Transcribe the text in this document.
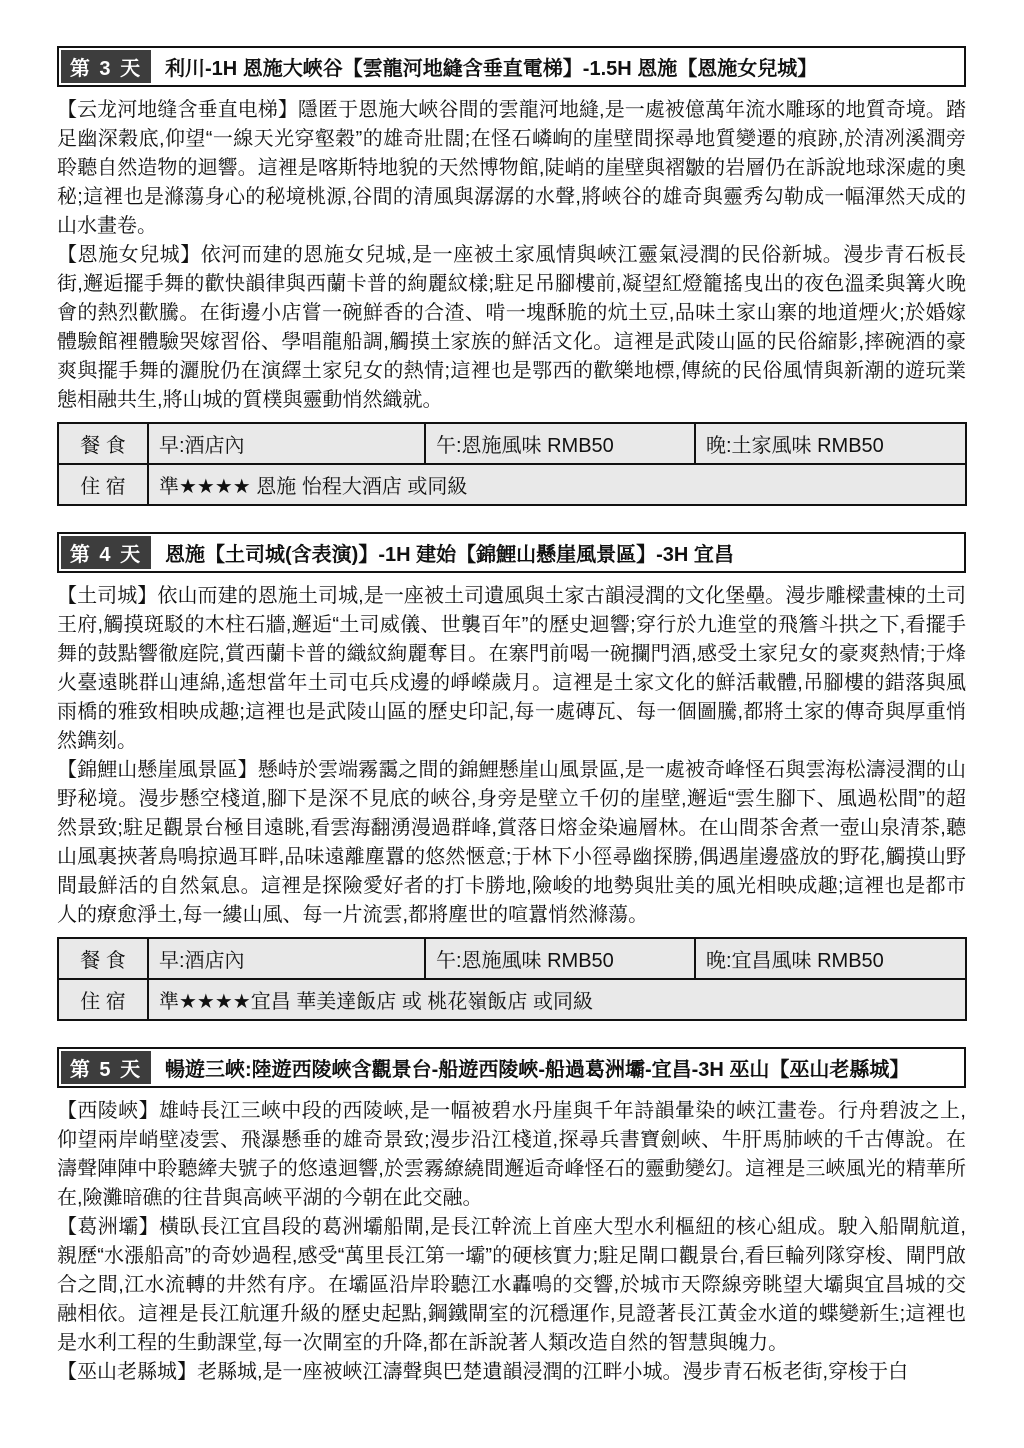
第 3 天	利川-1H 恩施大峽谷【雲龍河地縫含垂直電梯】-1.5H 恩施【恩施女兒城】

【云龙河地缝含垂直电梯】隱匿于恩施大峽谷間的雲龍河地縫,是一處被億萬年流水雕琢的地質奇境。踏足幽深穀底,仰望“一線天光穿壑穀”的雄奇壯闊;在怪石嶙峋的崖壁間探尋地質變遷的痕跡,於清冽溪澗旁聆聽自然造物的迴響。這裡是喀斯特地貌的天然博物館,陡峭的崖壁與褶皺的岩層仍在訴說地球深處的奧秘;這裡也是滌蕩身心的秘境桃源,谷間的清風與潺潺的水聲,將峽谷的雄奇與靈秀勾勒成一幅渾然天成的山水畫卷。

【恩施女兒城】依河而建的恩施女兒城,是一座被土家風情與峽江靈氣浸潤的民俗新城。漫步青石板長街,邂逅擺手舞的歡快韻律與西蘭卡普的絢麗紋樣;駐足吊腳樓前,凝望紅燈籠搖曳出的夜色溫柔與篝火晚會的熱烈歡騰。在街邊小店嘗一碗鮮香的合渣、啃一塊酥脆的炕土豆,品味土家山寨的地道煙火;於婚嫁體驗館裡體驗哭嫁習俗、學唱龍船調,觸摸土家族的鮮活文化。這裡是武陵山區的民俗縮影,摔碗酒的豪爽與擺手舞的灑脫仍在演繹土家兒女的熱情;這裡也是鄂西的歡樂地標,傳統的民俗風情與新潮的遊玩業態相融共生,將山城的質樸與靈動悄然織就。

餐 食	早:酒店內	午:恩施風味 RMB50	晚:土家風味 RMB50
住 宿	準★★★★ 恩施 怡程大酒店 或同級		
第 4 天	恩施【土司城(含表演)】-1H 建始【錦鯉山懸崖風景區】-3H 宜昌

【土司城】依山而建的恩施土司城,是一座被土司遺風與土家古韻浸潤的文化堡壘。漫步雕樑畫棟的土司王府,觸摸斑駁的木柱石牆,邂逅“土司威儀、世襲百年”的歷史迴響;穿行於九進堂的飛簷斗拱之下,看擺手舞的鼓點響徹庭院,賞西蘭卡普的織紋絢麗奪目。在寨門前喝一碗攔門酒,感受土家兒女的豪爽熱情;于烽火臺遠眺群山連綿,遙想當年土司屯兵戍邊的崢嶸歲月。這裡是土家文化的鮮活載體,吊腳樓的錯落與風雨橋的雅致相映成趣;這裡也是武陵山區的歷史印記,每一處磚瓦、每一個圖騰,都將土家的傳奇與厚重悄然鐫刻。

【錦鯉山懸崖風景區】懸峙於雲端霧靄之間的錦鯉懸崖山風景區,是一處被奇峰怪石與雲海松濤浸潤的山野秘境。漫步懸空棧道,腳下是深不見底的峽谷,身旁是壁立千仞的崖壁,邂逅“雲生腳下、風過松間”的超然景致;駐足觀景台極目遠眺,看雲海翻湧漫過群峰,賞落日熔金染遍層林。在山間茶舍煮一壺山泉清茶,聽山風裏挾著鳥鳴掠過耳畔,品味遠離塵囂的悠然愜意;于林下小徑尋幽探勝,偶遇崖邊盛放的野花,觸摸山野間最鮮活的自然氣息。這裡是探險愛好者的打卡勝地,險峻的地勢與壯美的風光相映成趣;這裡也是都市人的療愈淨土,每一縷山風、每一片流雲,都將塵世的喧囂悄然滌蕩。

餐 食	早:酒店內	午:恩施風味 RMB50	晚:宜昌風味 RMB50
住 宿	準★★★★宜昌 華美達飯店 或 桃花嶺飯店 或同級		
第 5 天	暢遊三峽:陸遊西陵峽含觀景台-船遊西陵峽-船過葛洲壩-宜昌-3H 巫山【巫山老縣城】

【西陵峽】雄峙長江三峽中段的西陵峽,是一幅被碧水丹崖與千年詩韻暈染的峽江畫卷。行舟碧波之上,仰望兩岸峭壁凌雲、飛瀑懸垂的雄奇景致;漫步沿江棧道,探尋兵書寶劍峽、牛肝馬肺峽的千古傳說。在濤聲陣陣中聆聽縴夫號子的悠遠迴響,於雲霧繚繞間邂逅奇峰怪石的靈動變幻。這裡是三峽風光的精華所在,險灘暗礁的往昔與高峽平湖的今朝在此交融。

【葛洲壩】橫臥長江宜昌段的葛洲壩船閘,是長江幹流上首座大型水利樞紐的核心組成。駛入船閘航道,親歷“水漲船高”的奇妙過程,感受“萬里長江第一壩”的硬核實力;駐足閘口觀景台,看巨輪列隊穿梭、閘門啟合之間,江水流轉的井然有序。在壩區沿岸聆聽江水轟鳴的交響,於城市天際線旁眺望大壩與宜昌城的交融相依。這裡是長江航運升級的歷史起點,鋼鐵閘室的沉穩運作,見證著長江黃金水道的蝶變新生;這裡也是水利工程的生動課堂,每一次閘室的升降,都在訴說著人類改造自然的智慧與魄力。

【巫山老縣城】老縣城,是一座被峽江濤聲與巴楚遺韻浸潤的江畔小城。漫步青石板老街,穿梭于白
